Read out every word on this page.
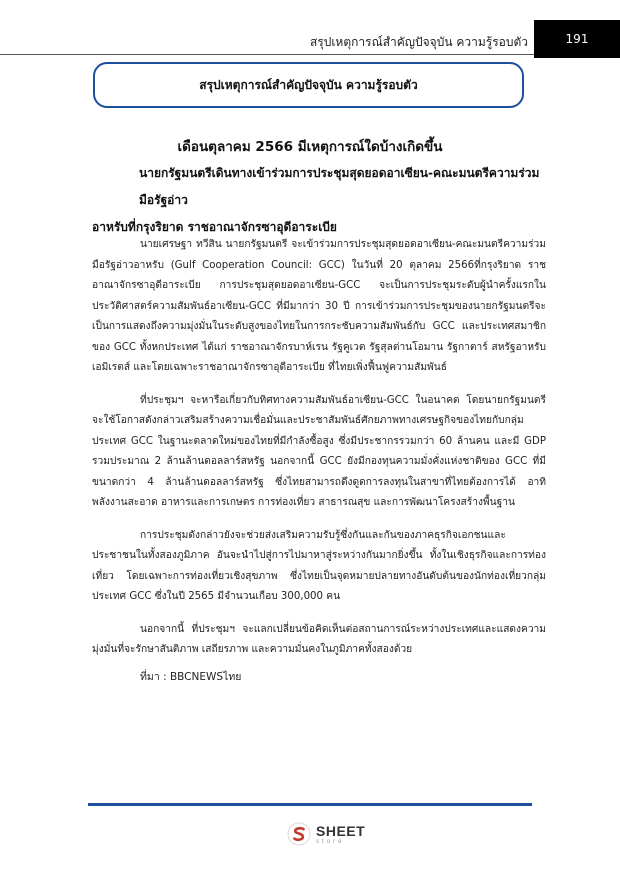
สรุปเหตุการณ์สำคัญปัจจุบัน ความรู้รอบตัว	191
สรุปเหตุการณ์สำคัญปัจจุบัน ความรู้รอบตัว
เดือนตุลาคม 2566 มีเหตุการณ์ใดบ้างเกิดขึ้น
นายกรัฐมนตรีเดินทางเข้าร่วมการประชุมสุดยอดอาเซียน-คณะมนตรีความร่วมมือรัฐอ่าว
อาหรับที่กรุงริยาด ราชอาณาจักรซาอุดีอาระเบีย

นายเศรษฐา ทวีสิน นายกรัฐมนตรี จะเข้าร่วมการประชุมสุดยอดอาเซียน-คณะมนตรีความร่วมมือรัฐอ่าวอาหรับ (Gulf Cooperation Council: GCC) ในวันที่ 20 ตุลาคม 2566ที่กรุงริยาด ราชอาณาจักรซาอุดีอาระเบีย การประชุมสุดยอดอาเซียน-GCC จะเป็นการประชุมระดับผู้นำครั้งแรกในประวัติศาสตร์ความสัมพันธ์อาเซียน-GCC ที่มีมากว่า 30 ปี การเข้าร่วมการประชุมของนายกรัฐมนตรีจะเป็นการแสดงถึงความมุ่งมั่นในระดับสูงของไทยในการกระชับความสัมพันธ์กับ GCC และประเทศสมาชิกของ GCC ทั้งหกประเทศ ได้แก่ ราชอาณาจักรบาห์เรน รัฐคูเวต รัฐสุลต่านโอมาน รัฐกาตาร์ สหรัฐอาหรับเอมิเรตส์ และโดยเฉพาะราชอาณาจักรซาอุดีอาระเบีย ที่ไทยเพิ่งฟื้นฟูความสัมพันธ์

ที่ประชุมฯ จะหารือเกี่ยวกับทิศทางความสัมพันธ์อาเซียน-GCC ในอนาคต โดยนายกรัฐมนตรีจะใช้โอกาสดังกล่าวเสริมสร้างความเชื่อมั่นและประชาสัมพันธ์ศักยภาพทางเศรษฐกิจของไทยกับกลุ่มประเทศ GCC ในฐานะตลาดใหม่ของไทยที่มีกำลังซื้อสูง ซึ่งมีประชากรรวมกว่า 60 ล้านคน และมี GDP รวมประมาณ 2 ล้านล้านดอลลาร์สหรัฐ นอกจากนี้ GCC ยังมีกองทุนความมั่งคั่งแห่งชาติของ GCC ที่มีขนาดกว่า 4 ล้านล้านดอลลาร์สหรัฐ ซึ่งไทยสามารถดึงดูดการลงทุนในสาขาที่ไทยต้องการได้ อาทิ พลังงานสะอาด อาหารและการเกษตร การท่องเที่ยว สาธารณสุข และการพัฒนาโครงสร้างพื้นฐาน

การประชุมดังกล่าวยังจะช่วยส่งเสริมความรับรู้ซึ่งกันและกันของภาคธุรกิจเอกชนและประชาชนในทั้งสองภูมิภาค อันจะนำไปสู่การไปมาหาสู่ระหว่างกันมากยิ่งขึ้น ทั้งในเชิงธุรกิจและการท่องเที่ยว โดยเฉพาะการท่องเที่ยวเชิงสุขภาพ ซึ่งไทยเป็นจุดหมายปลายทางอันดับต้นของนักท่องเที่ยวกลุ่มประเทศ GCC ซึ่งในปี 2565 มีจำนวนเกือบ 300,000 คน

นอกจากนี้ ที่ประชุมฯ จะแลกเปลี่ยนข้อคิดเห็นต่อสถานการณ์ระหว่างประเทศและแสดงความมุ่งมั่นที่จะรักษาสันติภาพ เสถียรภาพ และความมั่นคงในภูมิภาคทั้งสองด้วย

ที่มา : BBCNEWSไทย
SHEET
store
